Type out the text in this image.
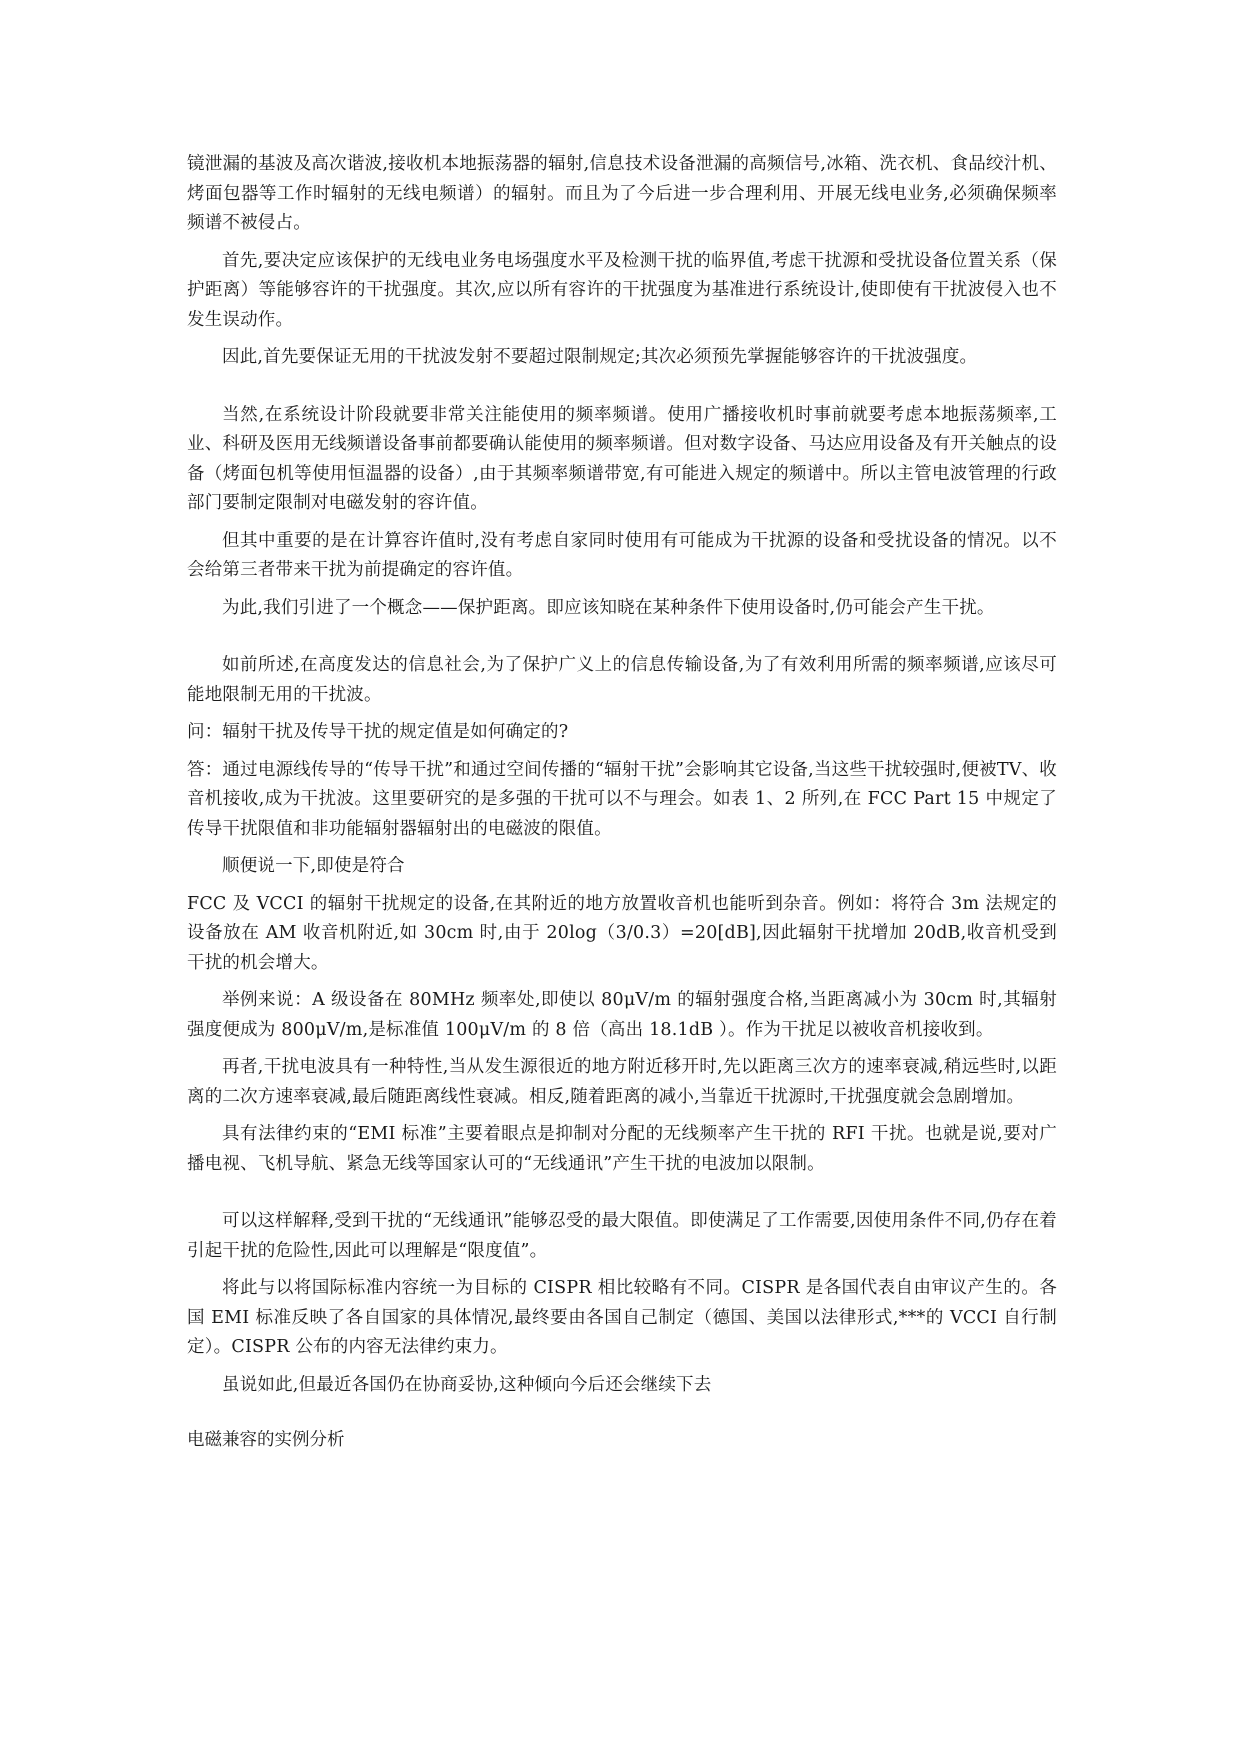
镜泄漏的基波及高次谐波,接收机本地振荡器的辐射,信息技术设备泄漏的高频信号,冰箱、洗衣机、食品绞汁机、烤面包器等工作时辐射的无线电频谱）的辐射。而且为了今后进一步合理利用、开展无线电业务,必须确保频率频谱不被侵占。

首先,要决定应该保护的无线电业务电场强度水平及检测干扰的临界值,考虑干扰源和受扰设备位置关系（保护距离）等能够容许的干扰强度。其次,应以所有容许的干扰强度为基准进行系统设计,使即使有干扰波侵入也不发生误动作。

因此,首先要保证无用的干扰波发射不要超过限制规定;其次必须预先掌握能够容许的干扰波强度。

当然,在系统设计阶段就要非常关注能使用的频率频谱。使用广播接收机时事前就要考虑本地振荡频率,工业、科研及医用无线频谱设备事前都要确认能使用的频率频谱。但对数字设备、马达应用设备及有开关触点的设备（烤面包机等使用恒温器的设备）,由于其频率频谱带宽,有可能进入规定的频谱中。所以主管电波管理的行政部门要制定限制对电磁发射的容许值。

但其中重要的是在计算容许值时,没有考虑自家同时使用有可能成为干扰源的设备和受扰设备的情况。以不会给第三者带来干扰为前提确定的容许值。

为此,我们引进了一个概念——保护距离。即应该知晓在某种条件下使用设备时,仍可能会产生干扰。

如前所述,在高度发达的信息社会,为了保护广义上的信息传输设备,为了有效利用所需的频率频谱,应该尽可能地限制无用的干扰波。

问：辐射干扰及传导干扰的规定值是如何确定的?

答：通过电源线传导的“传导干扰”和通过空间传播的“辐射干扰”会影响其它设备,当这些干扰较强时,便被TV、收音机接收,成为干扰波。这里要研究的是多强的干扰可以不与理会。如表 1、2 所列,在 FCC Part 15 中规定了传导干扰限值和非功能辐射器辐射出的电磁波的限值。

顺便说一下,即使是符合

FCC 及 VCCI 的辐射干扰规定的设备,在其附近的地方放置收音机也能听到杂音。例如：将符合 3m 法规定的设备放在 AM 收音机附近,如 30cm 时,由于 20log（3/0.3）=20[dB],因此辐射干扰增加 20dB,收音机受到干扰的机会增大。

举例来说：A 级设备在 80MHz 频率处,即使以 80μV/m 的辐射强度合格,当距离减小为 30cm 时,其辐射强度便成为 800μV/m,是标准值 100μV/m 的 8 倍（高出 18.1dB ）。作为干扰足以被收音机接收到。

再者,干扰电波具有一种特性,当从发生源很近的地方附近移开时,先以距离三次方的速率衰减,稍远些时,以距离的二次方速率衰减,最后随距离线性衰减。相反,随着距离的减小,当靠近干扰源时,干扰强度就会急剧增加。

具有法律约束的“EMI 标准”主要着眼点是抑制对分配的无线频率产生干扰的 RFI 干扰。也就是说,要对广播电视、飞机导航、紧急无线等国家认可的“无线通讯”产生干扰的电波加以限制。

可以这样解释,受到干扰的“无线通讯”能够忍受的最大限值。即使满足了工作需要,因使用条件不同,仍存在着引起干扰的危险性,因此可以理解是“限度值”。

将此与以将国际标准内容统一为目标的 CISPR 相比较略有不同。CISPR 是各国代表自由审议产生的。各国 EMI 标准反映了各自国家的具体情况,最终要由各国自己制定（德国、美国以法律形式,***的 VCCI 自行制定）。CISPR 公布的内容无法律约束力。

虽说如此,但最近各国仍在协商妥协,这种倾向今后还会继续下去

电磁兼容的实例分析
